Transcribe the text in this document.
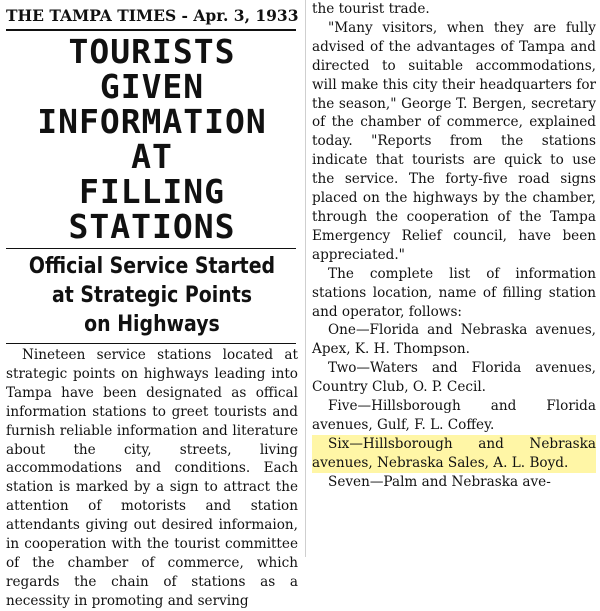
THE TAMPA TIMES - Apr. 3, 1933
TOURISTS GIVEN
INFORMATION AT
FILLING STATIONS
Official Service Started
at Strategic Points
on Highways

Nineteen service stations located at strategic points on highways leading into Tampa have been designated as offical information stations to greet tourists and furnish reliable information and literature about the city, streets, living accommodations and conditions. Each station is marked by a sign to attract the attention of motorists and station attendants giving out desired informaion, in cooperation with the tourist committee of the chamber of commerce, which regards the chain of stations as a necessity in promoting and serving

the tourist trade.

"Many visitors, when they are fully advised of the advantages of Tampa and directed to suitable accommodations, will make this city their headquarters for the season," George T. Bergen, secretary of the chamber of commerce, explained today. "Reports from the stations indicate that tourists are quick to use the service. The forty-five road signs placed on the highways by the chamber, through the cooperation of the Tampa Emergency Relief council, have been appreciated."

The complete list of information stations location, name of filling station and operator, follows:

One—Florida and Nebraska avenues, Apex, K. H. Thompson.

Two—Waters and Florida avenues, Country Club, O. P. Cecil.

Five—Hillsborough and Florida avenues, Gulf, F. L. Coffey.

Six—Hillsborough and Nebraska avenues, Nebraska Sales, A. L. Boyd.

Seven—Palm and Nebraska ave-
